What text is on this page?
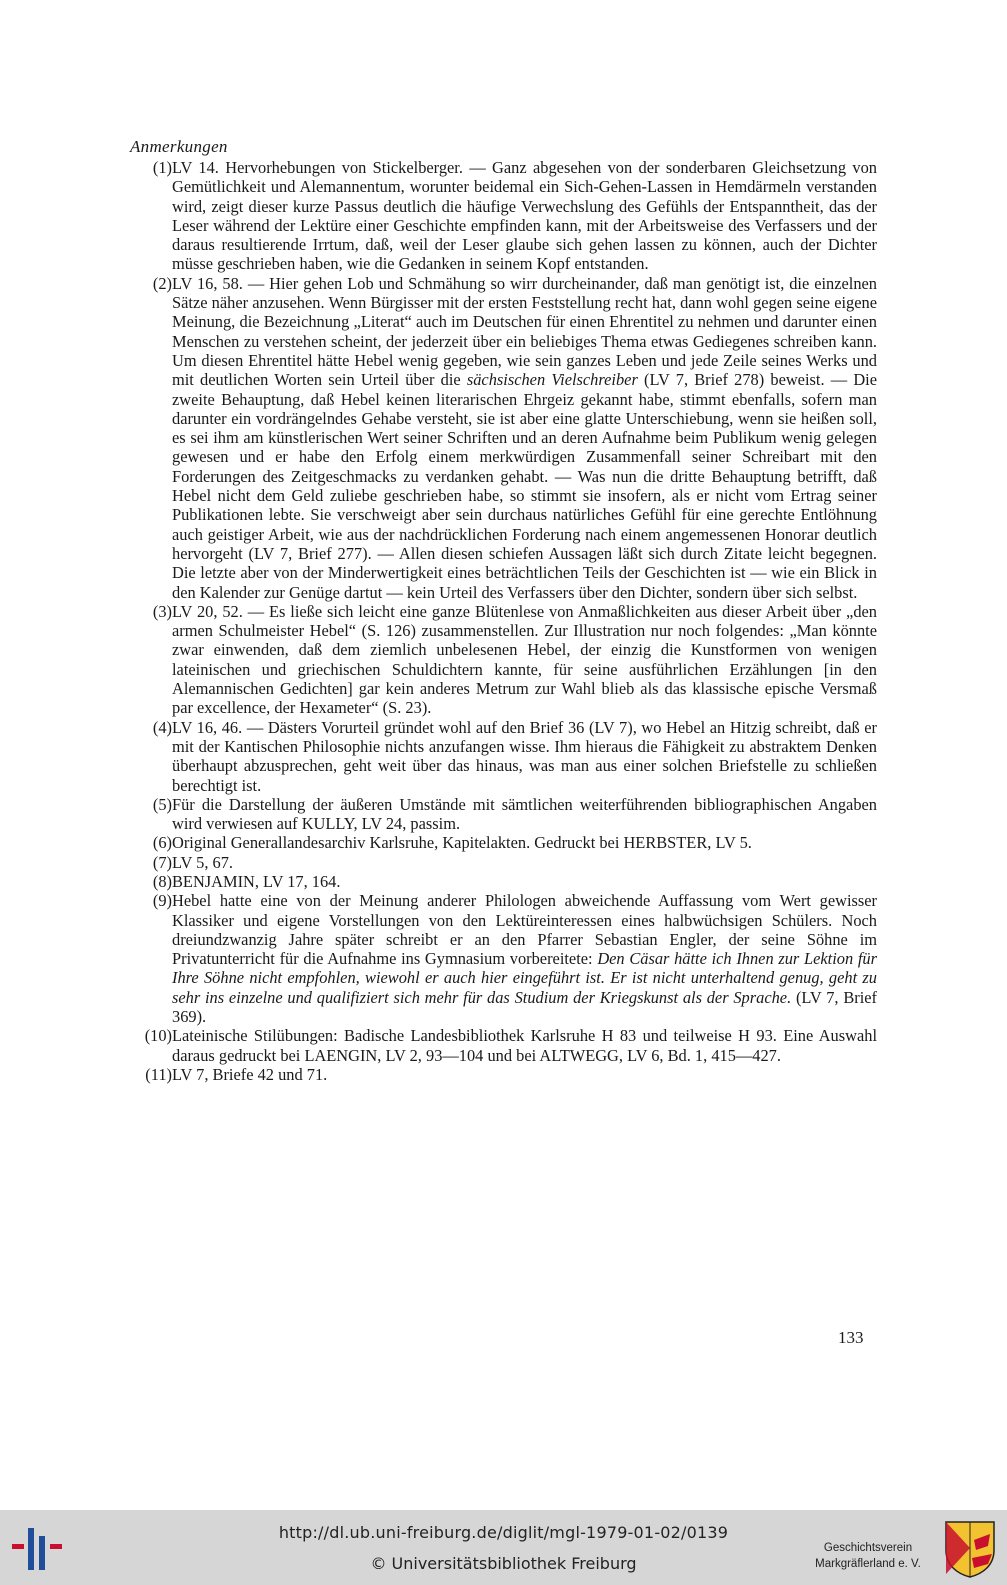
Anmerkungen
(1) LV 14. Hervorhebungen von Stickelberger. — Ganz abgesehen von der sonderbaren Gleichsetzung von Gemütlichkeit und Alemannentum, worunter beidemal ein Sich-Gehen-Lassen in Hemdärmeln verstanden wird, zeigt dieser kurze Passus deutlich die häufige Verwechslung des Gefühls der Entspanntheit, das der Leser während der Lektüre einer Geschichte empfinden kann, mit der Arbeitsweise des Verfassers und der daraus resultierende Irrtum, daß, weil der Leser glaube sich gehen lassen zu können, auch der Dichter müsse geschrieben haben, wie die Gedanken in seinem Kopf entstanden.
(2) LV 16, 58. — Hier gehen Lob und Schmähung so wirr durcheinander, daß man genötigt ist, die einzelnen Sätze näher anzusehen. Wenn Bürgisser mit der ersten Feststellung recht hat, dann wohl gegen seine eigene Meinung, die Bezeichnung „Literat“ auch im Deutschen für einen Ehrentitel zu nehmen und darunter einen Menschen zu verstehen scheint, der jederzeit über ein beliebiges Thema etwas Gediegenes schreiben kann. Um diesen Ehrentitel hätte Hebel wenig gegeben, wie sein ganzes Leben und jede Zeile seines Werks und mit deutlichen Worten sein Urteil über die sächsischen Vielschreiber (LV 7, Brief 278) beweist. — Die zweite Behauptung, daß Hebel keinen literarischen Ehrgeiz gekannt habe, stimmt ebenfalls, sofern man darunter ein vordrängelndes Gehabe versteht, sie ist aber eine glatte Unterschiebung, wenn sie heißen soll, es sei ihm am künstlerischen Wert seiner Schriften und an deren Aufnahme beim Publikum wenig gelegen gewesen und er habe den Erfolg einem merkwürdigen Zusammenfall seiner Schreibart mit den Forderungen des Zeitgeschmacks zu verdanken gehabt. — Was nun die dritte Behauptung betrifft, daß Hebel nicht dem Geld zuliebe geschrieben habe, so stimmt sie insofern, als er nicht vom Ertrag seiner Publikationen lebte. Sie verschweigt aber sein durchaus natürliches Gefühl für eine gerechte Entlöhnung auch geistiger Arbeit, wie aus der nachdrücklichen Forderung nach einem angemessenen Honorar deutlich hervorgeht (LV 7, Brief 277). — Allen diesen schiefen Aussagen läßt sich durch Zitate leicht begegnen. Die letzte aber von der Minderwertigkeit eines beträchtlichen Teils der Geschichten ist — wie ein Blick in den Kalender zur Genüge dartut — kein Urteil des Verfassers über den Dichter, sondern über sich selbst.
(3) LV 20, 52. — Es ließe sich leicht eine ganze Blütenlese von Anmaßlichkeiten aus dieser Arbeit über „den armen Schulmeister Hebel“ (S. 126) zusammenstellen. Zur Illustration nur noch folgendes: „Man könnte zwar einwenden, daß dem ziemlich unbelesenen Hebel, der einzig die Kunstformen von wenigen lateinischen und griechischen Schuldichtern kannte, für seine ausführlichen Erzählungen [in den Alemannischen Gedichten] gar kein anderes Metrum zur Wahl blieb als das klassische epische Versmaß par excellence, der Hexameter“ (S. 23).
(4) LV 16, 46. — Dästers Vorurteil gründet wohl auf den Brief 36 (LV 7), wo Hebel an Hitzig schreibt, daß er mit der Kantischen Philosophie nichts anzufangen wisse. Ihm hieraus die Fähigkeit zu abstraktem Denken überhaupt abzusprechen, geht weit über das hinaus, was man aus einer solchen Briefstelle zu schließen berechtigt ist.
(5) Für die Darstellung der äußeren Umstände mit sämtlichen weiterführenden bibliographischen Angaben wird verwiesen auf KULLY, LV 24, passim.
(6) Original Generallandesarchiv Karlsruhe, Kapitelakten. Gedruckt bei HERBSTER, LV 5.
(7) LV 5, 67.
(8) BENJAMIN, LV 17, 164.
(9) Hebel hatte eine von der Meinung anderer Philologen abweichende Auffassung vom Wert gewisser Klassiker und eigene Vorstellungen von den Lektüreinteressen eines halbwüchsigen Schülers. Noch dreiundzwanzig Jahre später schreibt er an den Pfarrer Sebastian Engler, der seine Söhne im Privatunterricht für die Aufnahme ins Gymnasium vorbereitete: Den Cäsar hätte ich Ihnen zur Lektion für Ihre Söhne nicht empfohlen, wiewohl er auch hier eingeführt ist. Er ist nicht unterhaltend genug, geht zu sehr ins einzelne und qualifiziert sich mehr für das Studium der Kriegskunst als der Sprache. (LV 7, Brief 369).
(10) Lateinische Stilübungen: Badische Landesbibliothek Karlsruhe H 83 und teilweise H 93. Eine Auswahl daraus gedruckt bei LAENGIN, LV 2, 93—104 und bei ALTWEGG, LV 6, Bd. 1, 415—427.
(11) LV 7, Briefe 42 und 71.
133
http://dl.ub.uni-freiburg.de/diglit/mgl-1979-01-02/0139
© Universitätsbibliothek Freiburg
Geschichtsverein
Markgräflerland e. V.
